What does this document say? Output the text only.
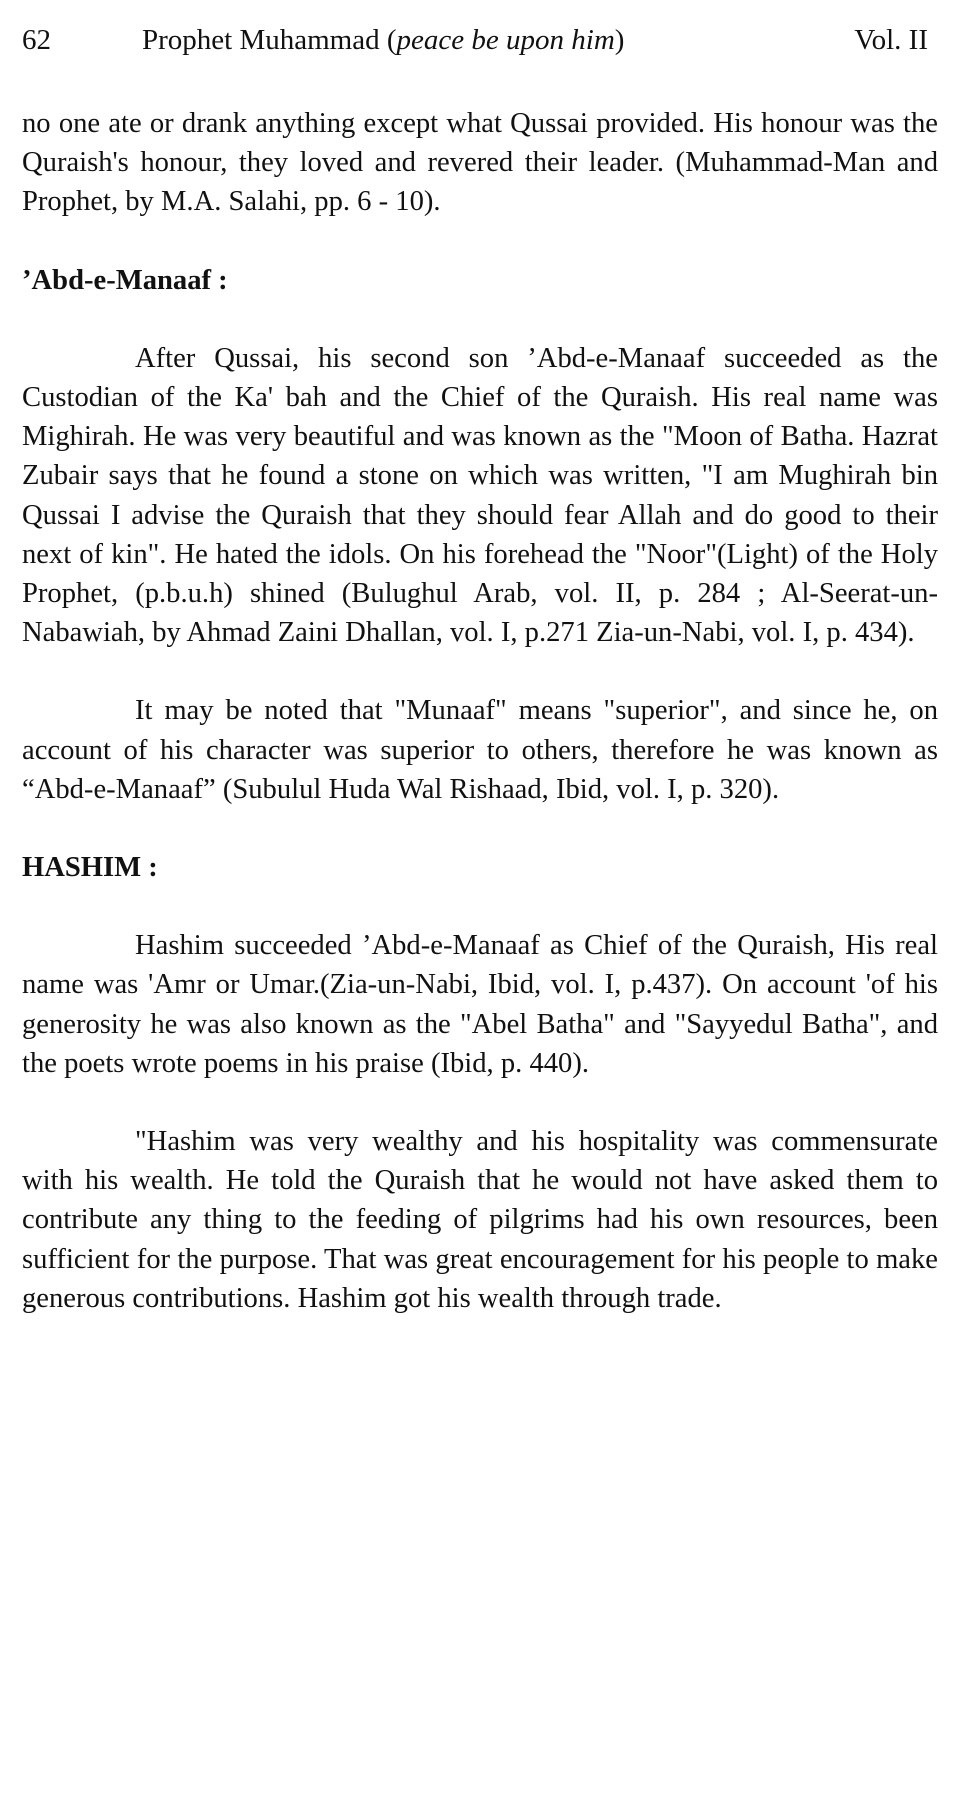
62	Prophet Muhammad (peace be upon him)	Vol. II

no one ate or drank anything except what Qussai provided. His honour was the Quraish's honour, they loved and revered their leader. (Muhammad-Man and Prophet, by M.A. Salahi, pp. 6 - 10).

’Abd-e-Manaaf :

After Qussai, his second son ’Abd-e-Manaaf succeeded as the Custodian of the Ka' bah and the Chief of the Quraish. His real name was Mighirah. He was very beautiful and was known as the "Moon of Batha. Hazrat Zubair says that he found a stone on which was written, "I am Mughirah bin Qussai I advise the Quraish that they should fear Allah and do good to their next of kin". He hated the idols. On his forehead the "Noor"(Light) of the Holy Prophet, (p.b.u.h) shined (Bulughul Arab, vol. II, p. 284 ; Al-Seerat-un-Nabawiah, by Ahmad Zaini Dhallan, vol. I, p.271 Zia-un-Nabi, vol. I, p. 434).

It may be noted that "Munaaf" means "superior", and since he, on account of his character was superior to others, therefore he was known as “Abd-e-Manaaf” (Subulul Huda Wal Rishaad, Ibid, vol. I, p. 320).

HASHIM :

Hashim succeeded ’Abd-e-Manaaf as Chief of the Quraish, His real name was 'Amr or Umar.(Zia-un-Nabi, Ibid, vol. I, p.437). On account 'of his generosity he was also known as the "Abel Batha" and "Sayyedul Batha", and the poets wrote poems in his praise (Ibid, p. 440).

"Hashim was very wealthy and his hospitality was commensurate with his wealth. He told the Quraish that he would not have asked them to contribute any thing to the feeding of pilgrims had his own resources, been sufficient for the purpose. That was great encouragement for his people to make generous contributions. Hashim got his wealth through trade.
